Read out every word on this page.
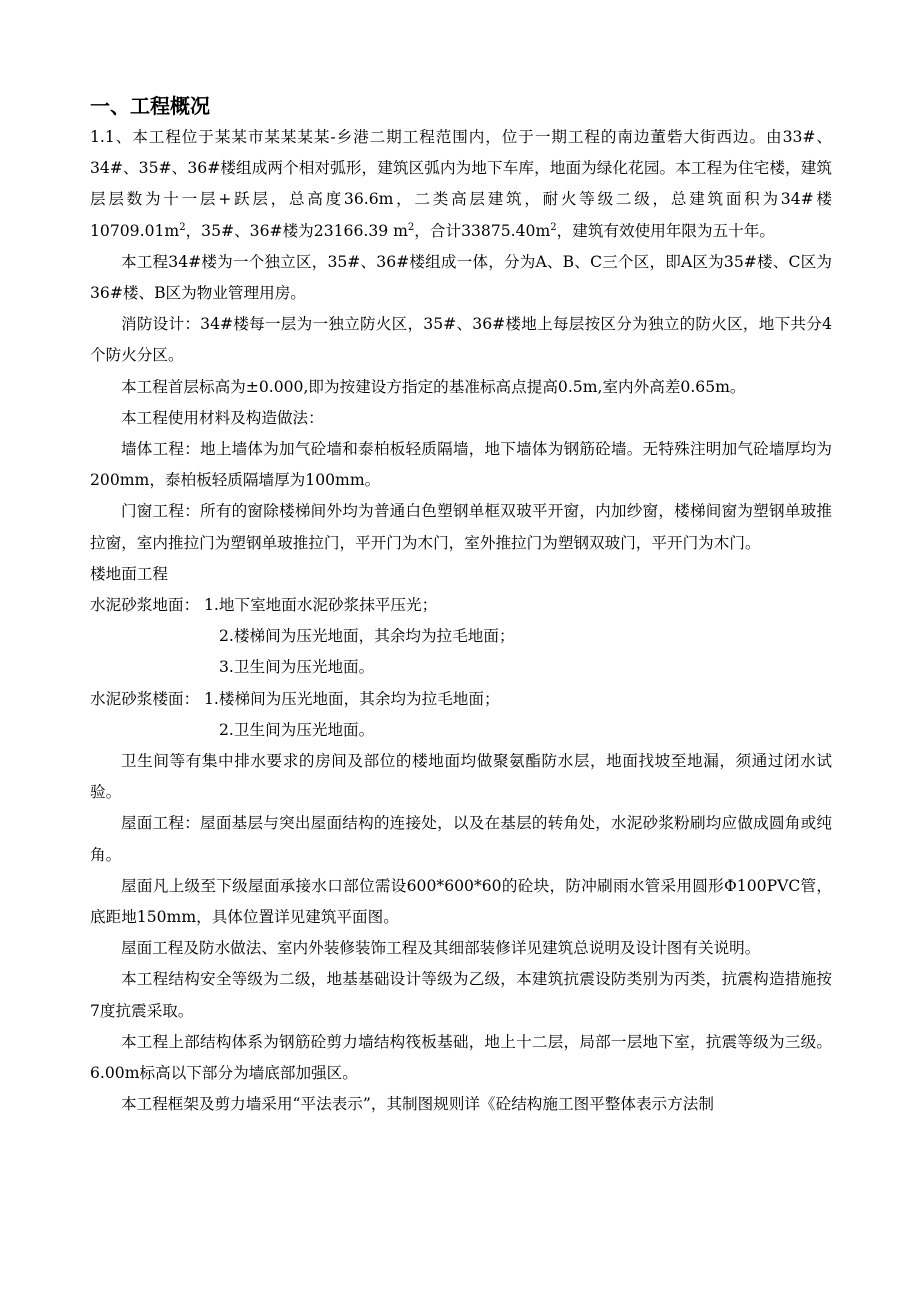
一、工程概况

1.1、本工程位于某某市某某某某-乡港二期工程范围内，位于一期工程的南边董砦大街西边。由33#、34#、35#、36#楼组成两个相对弧形，建筑区弧内为地下车库，地面为绿化花园。本工程为住宅楼，建筑层层数为十一层+跃层，总高度36.6m，二类高层建筑，耐火等级二级，总建筑面积为34#楼$10709.01m^2$，35#、36#楼为23166.39 $m^2$，合计$33875.40m^2$，建筑有效使用年限为五十年。

本工程34#楼为一个独立区，35#、36#楼组成一体，分为A、B、C三个区，即A区为35#楼、C区为36#楼、B区为物业管理用房。

消防设计：34#楼每一层为一独立防火区，35#、36#楼地上每层按区分为独立的防火区，地下共分4个防火分区。

本工程首层标高为±0.000,即为按建设方指定的基准标高点提高0.5m,室内外高差0.65m。

本工程使用材料及构造做法：

墙体工程：地上墙体为加气砼墙和泰柏板轻质隔墙，地下墙体为钢筋砼墙。无特殊注明加气砼墙厚均为200mm，泰柏板轻质隔墙厚为100mm。

门窗工程：所有的窗除楼梯间外均为普通白色塑钢单框双玻平开窗，内加纱窗，楼梯间窗为塑钢单玻推拉窗，室内推拉门为塑钢单玻推拉门，平开门为木门，室外推拉门为塑钢双玻门，平开门为木门。

楼地面工程

水泥砂浆地面： 1.地下室地面水泥砂浆抹平压光；

2.楼梯间为压光地面，其余均为拉毛地面；

3.卫生间为压光地面。

水泥砂浆楼面： 1.楼梯间为压光地面，其余均为拉毛地面；

2.卫生间为压光地面。

卫生间等有集中排水要求的房间及部位的楼地面均做聚氨酯防水层，地面找坡至地漏，须通过闭水试验。

屋面工程：屋面基层与突出屋面结构的连接处，以及在基层的转角处，水泥砂浆粉刷均应做成圆角或纯角。

屋面凡上级至下级屋面承接水口部位需设600*600*60的砼块，防冲刷雨水管采用圆形Φ100PVC管，底距地150mm，具体位置详见建筑平面图。

屋面工程及防水做法、室内外装修装饰工程及其细部装修详见建筑总说明及设计图有关说明。

本工程结构安全等级为二级，地基基础设计等级为乙级，本建筑抗震设防类别为丙类，抗震构造措施按7度抗震采取。

本工程上部结构体系为钢筋砼剪力墙结构筏板基础，地上十二层，局部一层地下室，抗震等级为三级。6.00m标高以下部分为墙底部加强区。

本工程框架及剪力墙采用“平法表示”，其制图规则详《砼结构施工图平整体表示方法制
